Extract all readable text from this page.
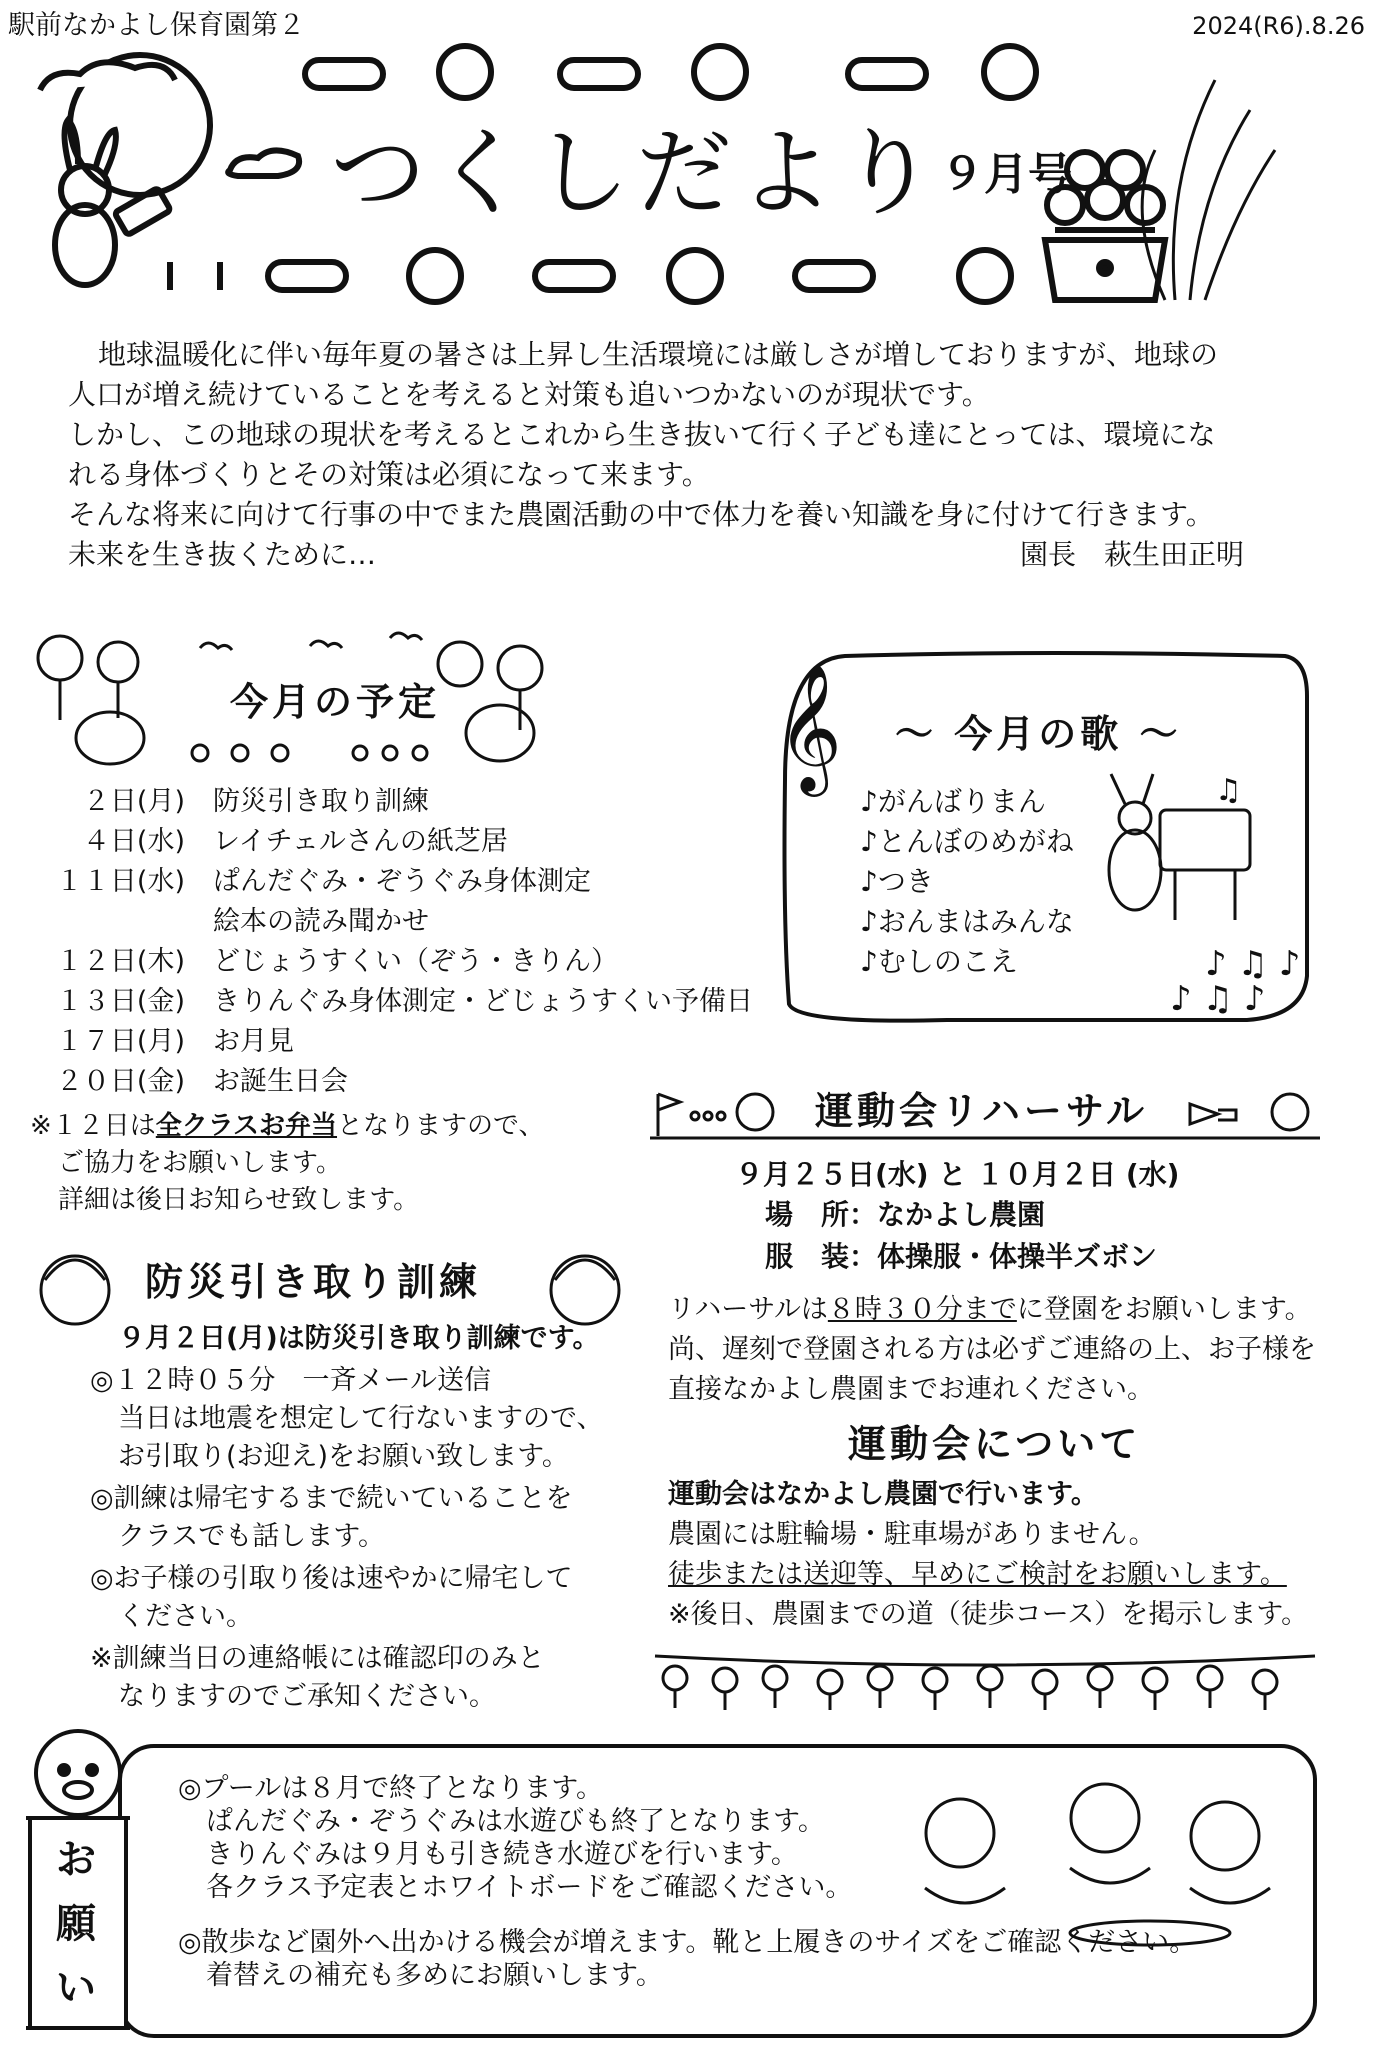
駅前なかよし保育園第２	2024(R6).8.26
つくしだより
９月号
地球温暖化に伴い毎年夏の暑さは上昇し生活環境には厳しさが増しておりますが、地球の
人口が増え続けていることを考えると対策も追いつかないのが現状です。
しかし、この地球の現状を考えるとこれから生き抜いて行く子ども達にとっては、環境にな
れる身体づくりとその対策は必須になって来ます。
そんな将来に向けて行事の中でまた農園活動の中で体力を養い知識を身に付けて行きます。
未来を生き抜くために…	園長　萩生田正明
今月の予定
２日(月) 防災引き取り訓練
４日(水) レイチェルさんの紙芝居
１１日(水) ぱんだぐみ・ぞうぐみ身体測定
絵本の読み聞かせ
１２日(木) どじょうすくい（ぞう・きりん）
１３日(金) きりんぐみ身体測定・どじょうすくい予備日
１７日(月) お月見
２０日(金) お誕生日会
※１２日は全クラスお弁当となりますので、
ご協力をお願いします。
詳細は後日お知らせ致します。
𝄞	♫
♪ ♫ ♪
♪ ♫ ♪
～ 今月の歌 ～
♪がんばりまん
♪とんぼのめがね
♪つき
♪おんまはみんな
♪むしのこえ
運動会リハーサル
９月２５日(水) と １０月２日 (水)
場　所：なかよし農園
服　装：体操服・体操半ズボン
リハーサルは８時３０分までに登園をお願いします。
尚、遅刻で登園される方は必ずご連絡の上、お子様を
直接なかよし農園までお連れください。
運動会について
運動会はなかよし農園で行います。
農園には駐輪場・駐車場がありません。
徒歩または送迎等、早めにご検討をお願いします。
※後日、農園までの道（徒歩コース）を掲示します。
防災引き取り訓練
９月２日(月)は防災引き取り訓練です。
◎１２時０５分　一斉メール送信
当日は地震を想定して行ないますので、
お引取り(お迎え)をお願い致します。
◎訓練は帰宅するまで続いていることを
クラスでも話します。
◎お子様の引取り後は速やかに帰宅して
ください。
※訓練当日の連絡帳には確認印のみと
なりますのでご承知ください。
お願い
◎プールは８月で終了となります。
ぱんだぐみ・ぞうぐみは水遊びも終了となります。
きりんぐみは９月も引き続き水遊びを行います。
各クラス予定表とホワイトボードをご確認ください。
◎散歩など園外へ出かける機会が増えます。靴と上履きのサイズをご確認ください。
着替えの補充も多めにお願いします。
